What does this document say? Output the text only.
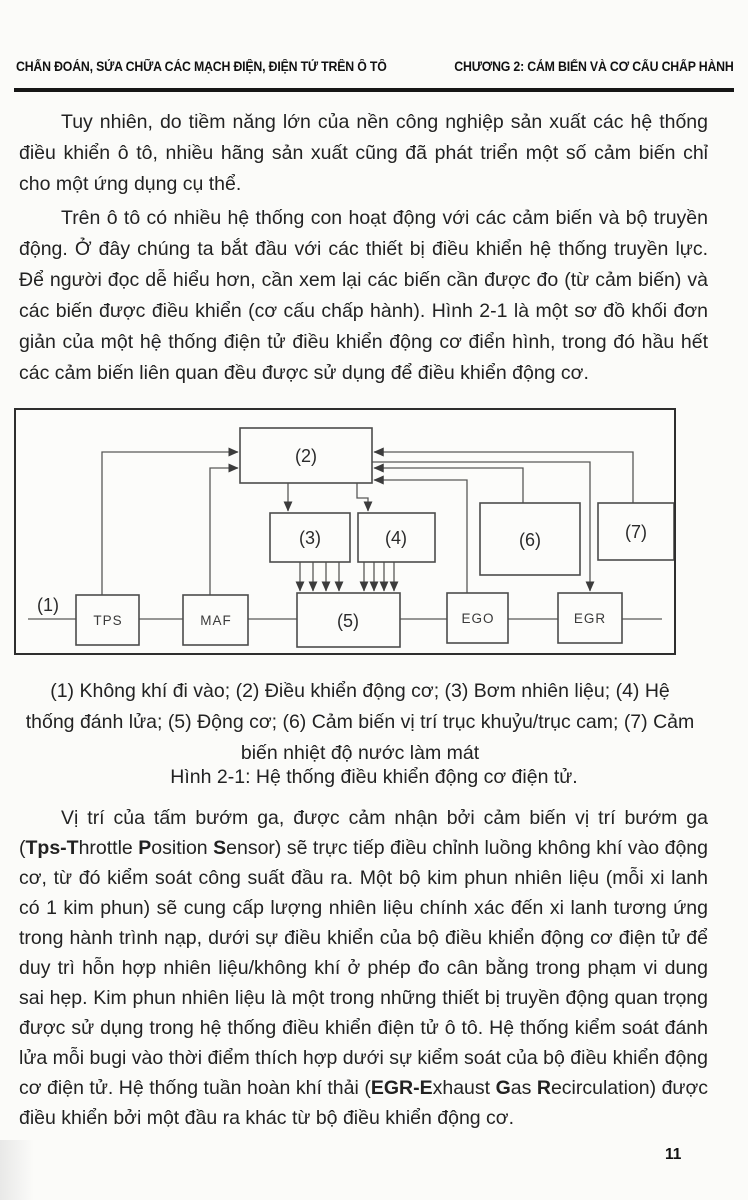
CHẨN ĐOÁN, SỬA CHỮA CÁC MẠCH ĐIỆN, ĐIỆN TỬ TRÊN Ô TÔ	CHƯƠNG 2: CẢM BIẾN VÀ CƠ CẤU CHẤP HÀNH
Tuy nhiên, do tiềm năng lớn của nền công nghiệp sản xuất các hệ thống điều khiển ô tô, nhiều hãng sản xuất cũng đã phát triển một số cảm biến chỉ cho một ứng dụng cụ thể.
Trên ô tô có nhiều hệ thống con hoạt động với các cảm biến và bộ truyền động. Ở đây chúng ta bắt đầu với các thiết bị điều khiển hệ thống truyền lực. Để người đọc dễ hiểu hơn, cần xem lại các biến cần được đo (từ cảm biến) và các biến được điều khiển (cơ cấu chấp hành). Hình 2-1 là một sơ đồ khối đơn giản của một hệ thống điện tử điều khiển động cơ điển hình, trong đó hầu hết các cảm biến liên quan đều được sử dụng để điều khiển động cơ.
(1)
(2)
(3)	(4)
(5)
(6)	(7)
TPS	MAF	EGO	EGR
(1) Không khí đi vào; (2) Điều khiển động cơ; (3) Bơm nhiên liệu; (4) Hệ thống đánh lửa; (5) Động cơ; (6) Cảm biến vị trí trục khuỷu/trục cam; (7) Cảm biến nhiệt độ nước làm mát
Hình 2-1: Hệ thống điều khiển động cơ điện tử.
Vị trí của tấm bướm ga, được cảm nhận bởi cảm biến vị trí bướm ga (Tps-Throttle Position Sensor) sẽ trực tiếp điều chỉnh luồng không khí vào động cơ, từ đó kiểm soát công suất đầu ra. Một bộ kim phun nhiên liệu (mỗi xi lanh có 1 kim phun) sẽ cung cấp lượng nhiên liệu chính xác đến xi lanh tương ứng trong hành trình nạp, dưới sự điều khiển của bộ điều khiển động cơ điện tử để duy trì hỗn hợp nhiên liệu/không khí ở phép đo cân bằng trong phạm vi dung sai hẹp. Kim phun nhiên liệu là một trong những thiết bị truyền động quan trọng được sử dụng trong hệ thống điều khiển điện tử ô tô. Hệ thống kiểm soát đánh lửa mỗi bugi vào thời điểm thích hợp dưới sự kiểm soát của bộ điều khiển động cơ điện tử. Hệ thống tuần hoàn khí thải (EGR-Exhaust Gas Recirculation) được điều khiển bởi một đầu ra khác từ bộ điều khiển động cơ.
11
